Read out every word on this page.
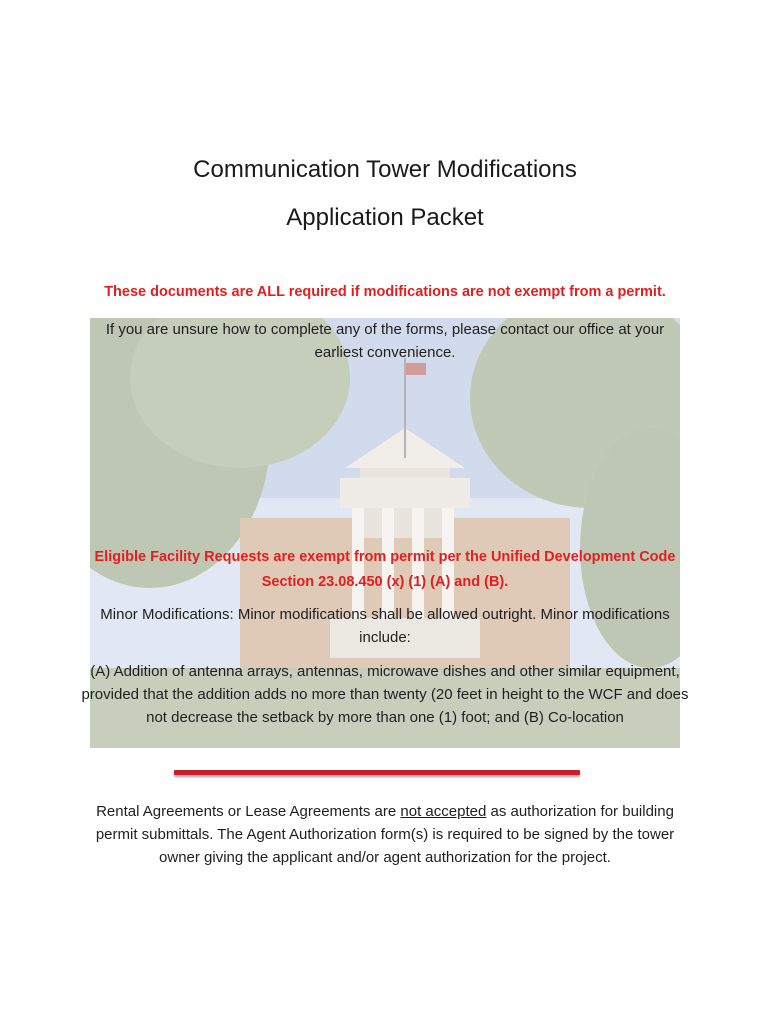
Communication Tower Modifications
Application Packet
These documents are ALL required if modifications are not exempt from a permit.
If you are unsure how to complete any of the forms, please contact our office at your earliest convenience.
Eligible Facility Requests are exempt from permit per the Unified Development Code Section 23.08.450 (x) (1) (A) and (B).
Minor Modifications: Minor modifications shall be allowed outright. Minor modifications include:
(A) Addition of antenna arrays, antennas, microwave dishes and other similar equipment, provided that the addition adds no more than twenty (20 feet in height to the WCF and does not decrease the setback by more than one (1) foot; and (B) Co-location
Rental Agreements or Lease Agreements are not accepted as authorization for building permit submittals. The Agent Authorization form(s) is required to be signed by the tower owner giving the applicant and/or agent authorization for the project.
